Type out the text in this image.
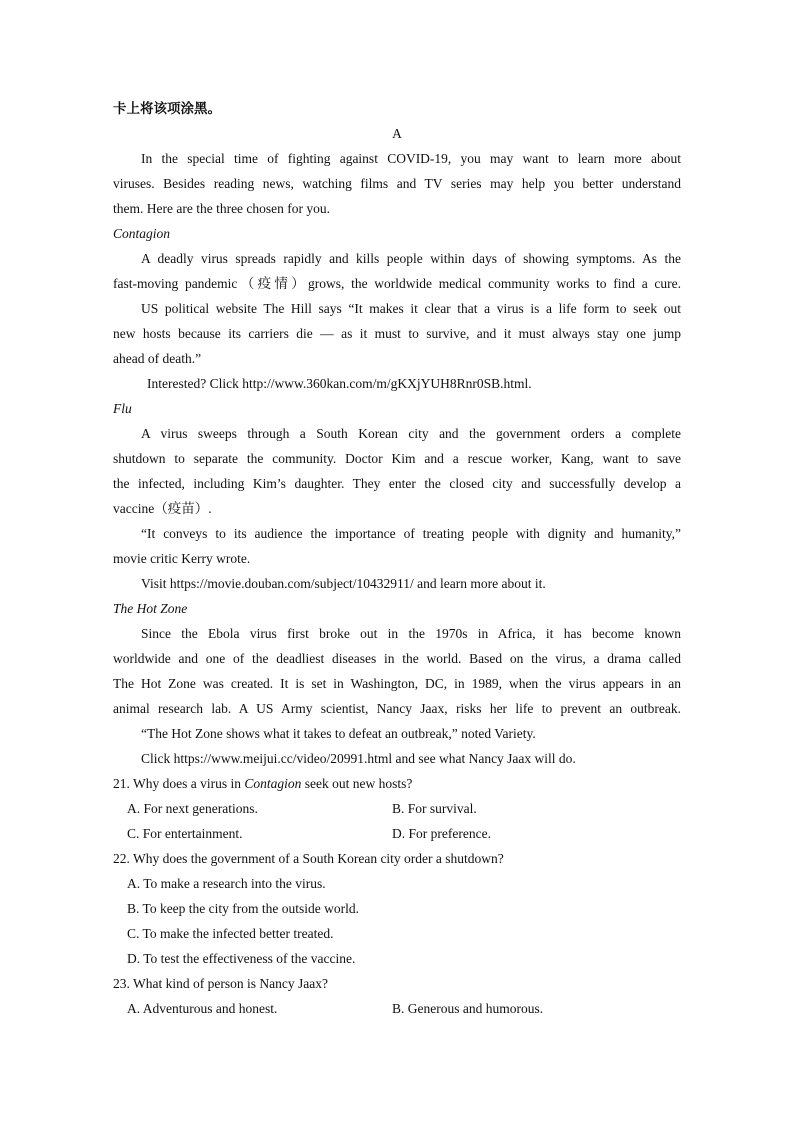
卡上将该项涂黑。
A
In the special time of fighting against COVID-19, you may want to learn more about
viruses. Besides reading news, watching films and TV series may help you better understand
them. Here are the three chosen for you.
Contagion
A deadly virus spreads rapidly and kills people within days of showing symptoms. As the
fast-moving pandemic（疫情）grows, the worldwide medical community works to find a cure.
US political website The Hill says “It makes it clear that a virus is a life form to seek out
new hosts because its carriers die — as it must to survive, and it must always stay one jump
ahead of death.”
Interested? Click http://www.360kan.com/m/gKXjYUH8Rnr0SB.html.
Flu
A virus sweeps through a South Korean city and the government orders a complete
shutdown to separate the community. Doctor Kim and a rescue worker, Kang, want to save
the infected, including Kim’s daughter. They enter the closed city and successfully develop a
vaccine（疫苗）.
“It conveys to its audience the importance of treating people with dignity and humanity,”
movie critic Kerry wrote.
Visit https://movie.douban.com/subject/10432911/ and learn more about it.
The Hot Zone
Since the Ebola virus first broke out in the 1970s in Africa, it has become known
worldwide and one of the deadliest diseases in the world. Based on the virus, a drama called
The Hot Zone was created. It is set in Washington, DC, in 1989, when the virus appears in an
animal research lab. A US Army scientist, Nancy Jaax, risks her life to prevent an outbreak.
“The Hot Zone shows what it takes to defeat an outbreak,” noted Variety.
Click https://www.meijui.cc/video/20991.html and see what Nancy Jaax will do.
21. Why does a virus in Contagion seek out new hosts?
A. For next generations.	B. For survival.
C. For entertainment.	D. For preference.
22. Why does the government of a South Korean city order a shutdown?
A. To make a research into the virus.
B. To keep the city from the outside world.
C. To make the infected better treated.
D. To test the effectiveness of the vaccine.
23. What kind of person is Nancy Jaax?
A. Adventurous and honest.	B. Generous and humorous.
